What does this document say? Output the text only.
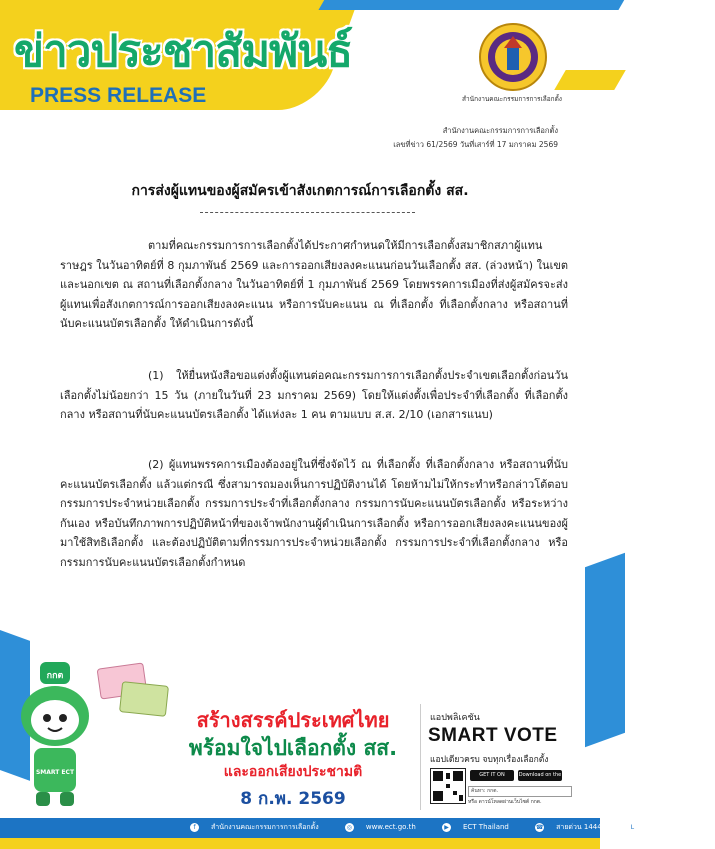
ข่าวประชาสัมพันธ์
PRESS RELEASE	สำนักงานคณะกรรมการการเลือกตั้ง
สำนักงานคณะกรรมการการเลือกตั้ง
เลขที่ข่าว 61/2569 วันที่เสาร์ที่ 17 มกราคม 2569
การส่งผู้แทนของผู้สมัครเข้าสังเกตการณ์การเลือกตั้ง สส.
ตามที่คณะกรรมการการเลือกตั้งได้ประกาศกำหนดให้มีการเลือกตั้งสมาชิกสภาผู้แทนราษฎร ในวันอาทิตย์ที่ 8 กุมภาพันธ์ 2569 และการออกเสียงลงคะแนนก่อนวันเลือกตั้ง สส. (ล่วงหน้า) ในเขตและนอกเขต ณ สถานที่เลือกตั้งกลาง ในวันอาทิตย์ที่ 1 กุมภาพันธ์ 2569 โดยพรรคการเมืองที่ส่งผู้สมัครจะส่งผู้แทนเพื่อสังเกตการณ์การออกเสียงลงคะแนน หรือการนับคะแนน ณ ที่เลือกตั้ง ที่เลือกตั้งกลาง หรือสถานที่นับคะแนนบัตรเลือกตั้ง ให้ดำเนินการดังนี้
(1) ให้ยื่นหนังสือขอแต่งตั้งผู้แทนต่อคณะกรรมการการเลือกตั้งประจำเขตเลือกตั้งก่อนวันเลือกตั้งไม่น้อยกว่า 15 วัน (ภายในวันที่ 23 มกราคม 2569) โดยให้แต่งตั้งเพื่อประจำที่เลือกตั้ง ที่เลือกตั้งกลาง หรือสถานที่นับคะแนนบัตรเลือกตั้ง ได้แห่งละ 1 คน ตามแบบ ส.ส. 2/10 (เอกสารแนบ)
(2) ผู้แทนพรรคการเมืองต้องอยู่ในที่ซึ่งจัดไว้ ณ ที่เลือกตั้ง ที่เลือกตั้งกลาง หรือสถานที่นับคะแนนบัตรเลือกตั้ง แล้วแต่กรณี ซึ่งสามารถมองเห็นการปฏิบัติงานได้ โดยห้ามไม่ให้กระทำหรือกล่าวโต้ตอบกรรมการประจำหน่วยเลือกตั้ง กรรมการประจำที่เลือกตั้งกลาง กรรมการนับคะแนนบัตรเลือกตั้ง หรือระหว่างกันเอง หรือบันทึกภาพการปฏิบัติหน้าที่ของเจ้าพนักงานผู้ดำเนินการเลือกตั้ง หรือการออกเสียงลงคะแนนของผู้มาใช้สิทธิเลือกตั้ง และต้องปฏิบัติตามที่กรรมการประจำหน่วยเลือกตั้ง กรรมการประจำที่เลือกตั้งกลาง หรือกรรมการนับคะแนนบัตรเลือกตั้งกำหนด
กกต
SMART ECT
สร้างสรรค์ประเทศไทย
พร้อมใจไปเลือกตั้ง สส.
และออกเสียงประชามติ
8 ก.พ. 2569
แอปพลิเคชัน
SMART VOTE
แอปเดียวครบ จบทุกเรื่องเลือกตั้ง
GET IT ON Google Play
Download on the App Store
ค้นหา: กกต.
หรือ ดาวน์โหลดผ่านเว็บไซต์ กกต.
f สำนักงานคณะกรรมการการเลือกตั้ง	◎ www.ect.go.th	▶ ECT Thailand	☎ สายด่วน 1444	L ect.thailand
